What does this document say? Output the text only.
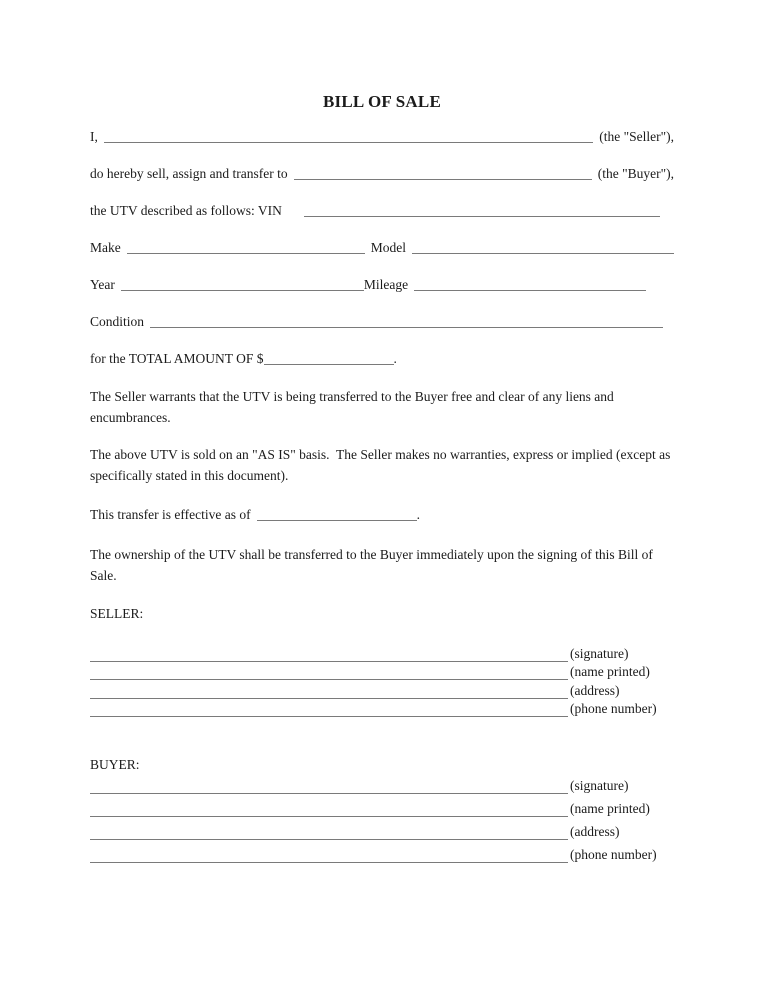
BILL OF SALE
I,	(the "Seller"),
do hereby sell, assign and transfer to	(the "Buyer"),
the UTV described as follows: VIN
Make	Model
Year	Mileage
Condition
for the TOTAL AMOUNT OF $	.
The Seller warrants that the UTV is being transferred to the Buyer free and clear of any liens and encumbrances.
The above UTV is sold on an "AS IS" basis.  The Seller makes no warranties, express or implied (except as specifically stated in this document).
This transfer is effective as of	.
The ownership of the UTV shall be transferred to the Buyer immediately upon the signing of this Bill of Sale.
SELLER:
(signature)
(name printed)
(address)
(phone number)
BUYER:
(signature)
(name printed)
(address)
(phone number)
